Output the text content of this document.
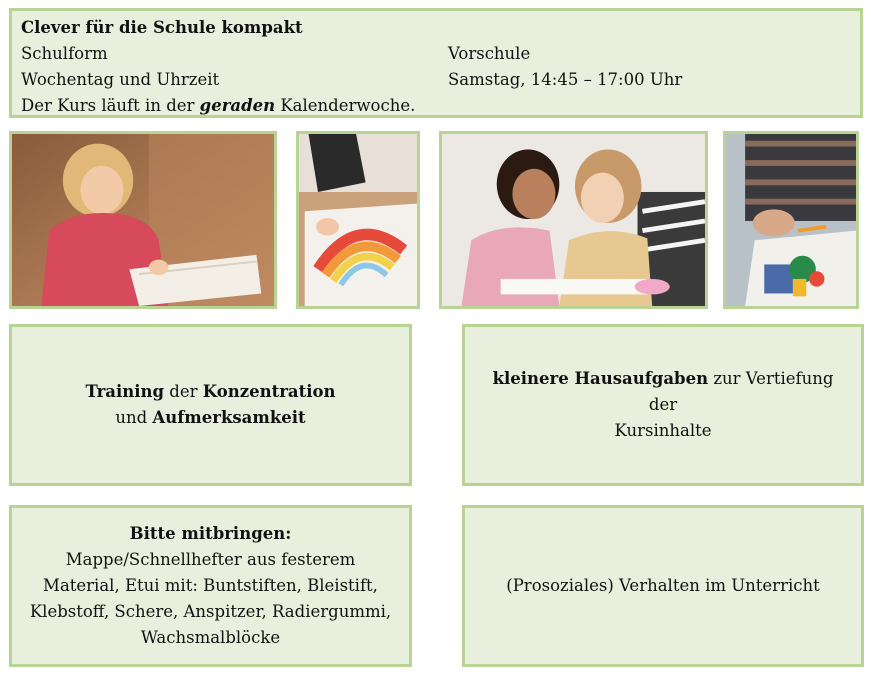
Clever für die Schule kompakt
Schulform	Vorschule
Wochentag und Uhrzeit	Samstag, 14:45 – 17:00 Uhr
Der Kurs läuft in der geraden Kalenderwoche.

Training der Konzentration

und Aufmerksamkeit

kleinere Hausaufgaben zur Vertiefung der

Kursinhalte

Bitte mitbringen:

Mappe/Schnellhefter aus festerem

Material, Etui mit: Buntstiften, Bleistift,

Klebstoff, Schere, Anspitzer, Radiergummi,

Wachsmalblöcke

(Prosoziales) Verhalten im Unterricht
